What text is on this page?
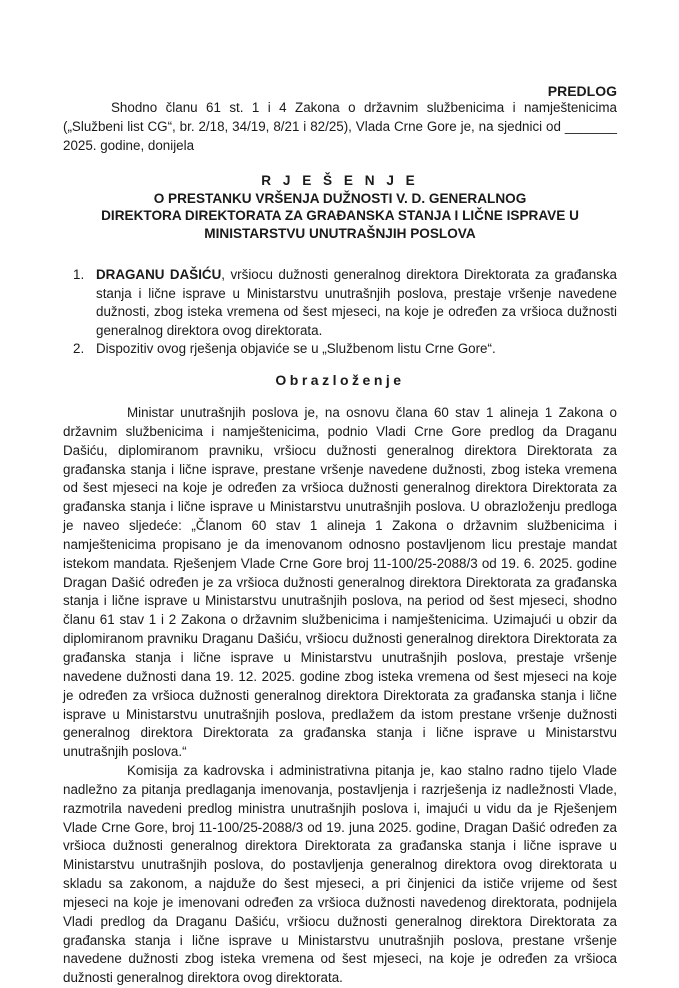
PREDLOG
Shodno članu 61 st. 1 i 4 Zakona o državnim službenicima i namještenicima („Službeni list CG“, br. 2/18, 34/19, 8/21 i 82/25), Vlada Crne Gore je, na sjednici od _______ 2025. godine, donijela
R J E Š E N J E
O PRESTANKU VRŠENJA DUŽNOSTI V. D. GENERALNOG
DIREKTORA DIREKTORATA ZA GRAĐANSKA STANJA I LIČNE ISPRAVE U
MINISTARSTVU UNUTRAŠNJIH POSLOVA
1. DRAGANU DAŠIĆU, vršiocu dužnosti generalnog direktora Direktorata za građanska stanja i lične isprave u Ministarstvu unutrašnjih poslova, prestaje vršenje navedene dužnosti, zbog isteka vremena od šest mjeseci, na koje je određen za vršioca dužnosti generalnog direktora ovog direktorata.
2. Dispozitiv ovog rješenja objaviće se u „Službenom listu Crne Gore“.
Obrazloženje

Ministar unutrašnjih poslova je, na osnovu člana 60 stav 1 alineja 1 Zakona o državnim službenicima i namještenicima, podnio Vladi Crne Gore predlog da Draganu Dašiću, diplomiranom pravniku, vršiocu dužnosti generalnog direktora Direktorata za građanska stanja i lične isprave, prestane vršenje navedene dužnosti, zbog isteka vremena od šest mjeseci na koje je određen za vršioca dužnosti generalnog direktora Direktorata za građanska stanja i lične isprave u Ministarstvu unutrašnjih poslova. U obrazloženju predloga je naveo sljedeće: „Članom 60 stav 1 alineja 1 Zakona o državnim službenicima i namještenicima propisano je da imenovanom odnosno postavljenom licu prestaje mandat istekom mandata. Rješenjem Vlade Crne Gore broj 11-100/25-2088/3 od 19. 6. 2025. godine Dragan Dašić određen je za vršioca dužnosti generalnog direktora Direktorata za građanska stanja i lične isprave u Ministarstvu unutrašnjih poslova, na period od šest mjeseci, shodno članu 61 stav 1 i 2 Zakona o državnim službenicima i namještenicima. Uzimajući u obzir da diplomiranom pravniku Draganu Dašiću, vršiocu dužnosti generalnog direktora Direktorata za građanska stanja i lične isprave u Ministarstvu unutrašnjih poslova, prestaje vršenje navedene dužnosti dana 19. 12. 2025. godine zbog isteka vremena od šest mjeseci na koje je određen za vršioca dužnosti generalnog direktora Direktorata za građanska stanja i lične isprave u Ministarstvu unutrašnjih poslova, predlažem da istom prestane vršenje dužnosti generalnog direktora Direktorata za građanska stanja i lične isprave u Ministarstvu unutrašnjih poslova.“

Komisija za kadrovska i administrativna pitanja je, kao stalno radno tijelo Vlade nadležno za pitanja predlaganja imenovanja, postavljenja i razrješenja iz nadležnosti Vlade, razmotrila navedeni predlog ministra unutrašnjih poslova i, imajući u vidu da je Rješenjem Vlade Crne Gore, broj 11-100/25-2088/3 od 19. juna 2025. godine, Dragan Dašić određen za vršioca dužnosti generalnog direktora Direktorata za građanska stanja i lične isprave u Ministarstvu unutrašnjih poslova, do postavljenja generalnog direktora ovog direktorata u skladu sa zakonom, a najduže do šest mjeseci, a pri činjenici da ističe vrijeme od šest mjeseci na koje je imenovani određen za vršioca dužnosti navedenog direktorata, podnijela Vladi predlog da Draganu Dašiću, vršiocu dužnosti generalnog direktora Direktorata za građanska stanja i lične isprave u Ministarstvu unutrašnjih poslova, prestane vršenje navedene dužnosti zbog isteka vremena od šest mjeseci, na koje je određen za vršioca dužnosti generalnog direktora ovog direktorata.
